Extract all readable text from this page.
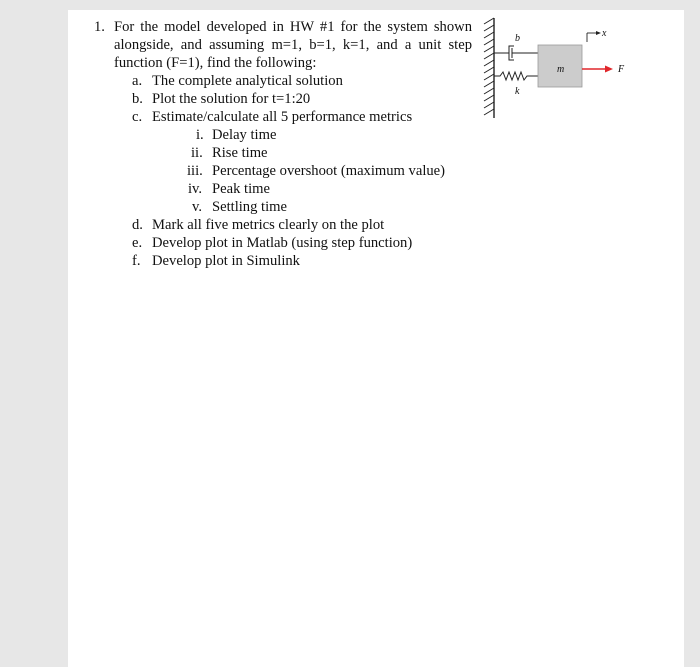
1. For the model developed in HW #1 for the system shown
alongside, and assuming m=1, b=1, k=1, and a unit step
function (F=1), find the following:
a. The complete analytical solution
b. Plot the solution for t=1:20
c. Estimate/calculate all 5 performance metrics
i. Delay time
ii. Rise time
iii. Percentage overshoot (maximum value)
iv. Peak time
v. Settling time
d. Mark all five metrics clearly on the plot
e. Develop plot in Matlab (using step function)
f. Develop plot in Simulink
b
k
m	F
x
